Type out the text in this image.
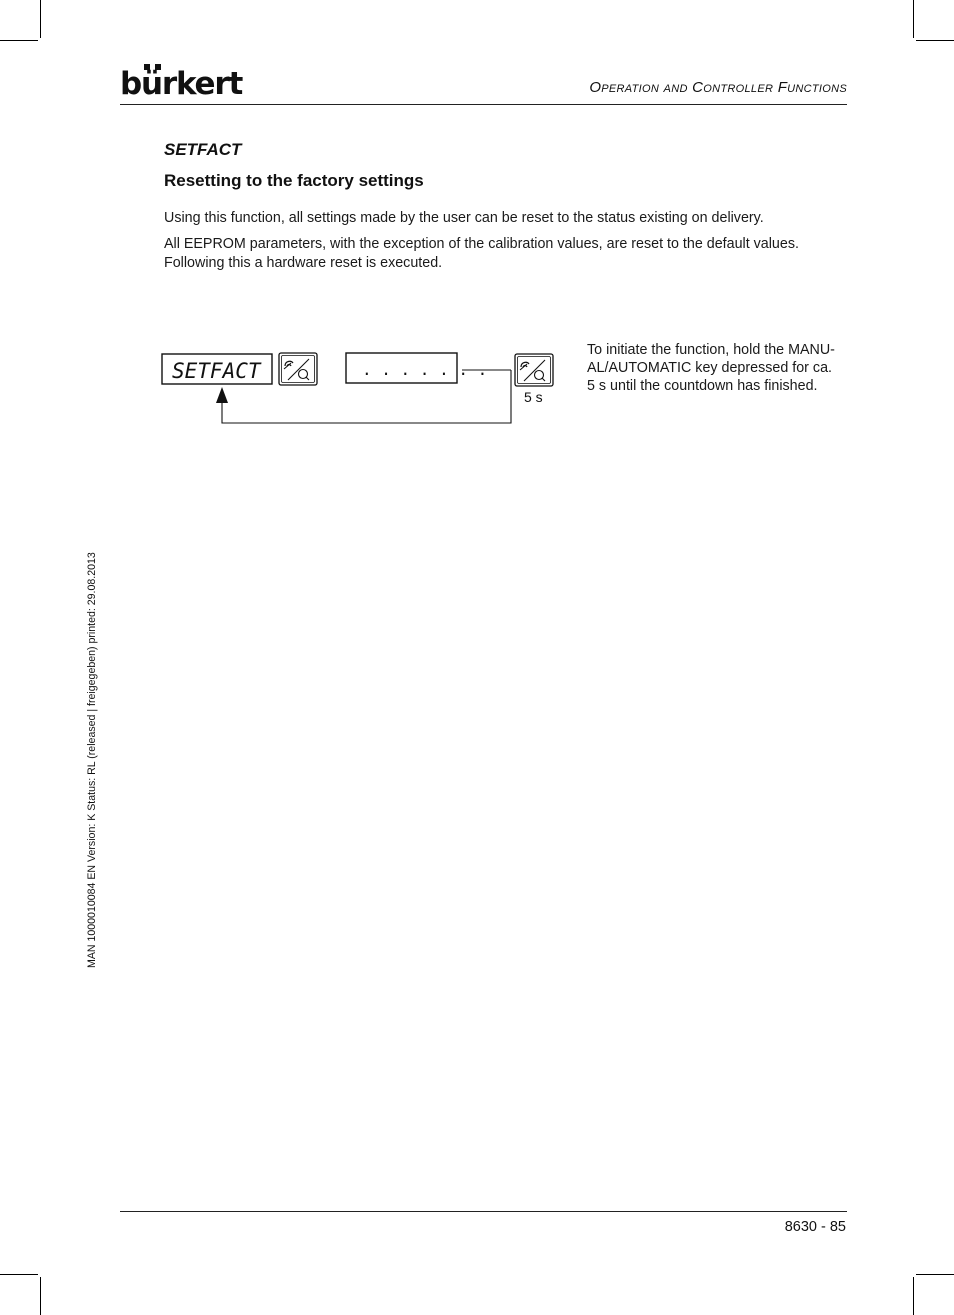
bürkert	Operation and Controller Functions
SETFACT
Resetting to the factory settings

Using this function, all settings made by the user can be reset to the status existing on delivery.

All EEPROM parameters, with the exception of the calibration values, are reset to the default values. Following this a hardware reset is executed.

SETFACT	. . . . . . .
5 s

To initiate the function, hold the MANU-
AL/AUTOMATIC key depressed for ca.
5 s until the countdown has finished.

MAN 1000010084 EN Version: K Status: RL (released | freigegeben) printed: 29.08.2013
8630 - 85
